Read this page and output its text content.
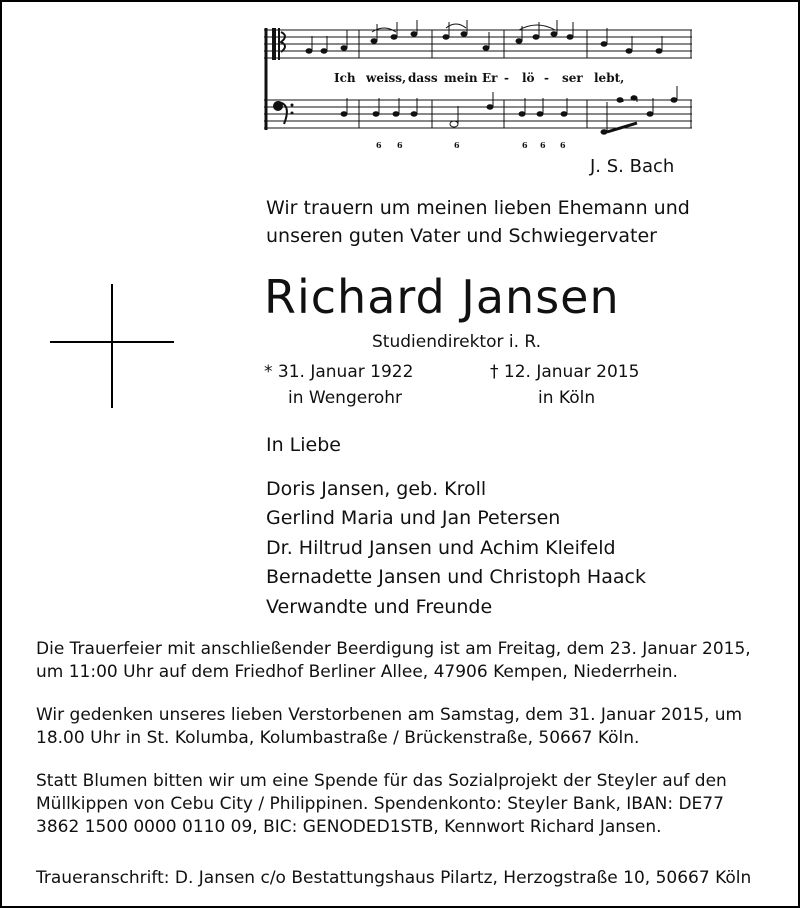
Ich weiss, dass mein Er - lö - ser lebt,
6 6	6	6 6 6
J. S. Bach
Wir trauern um meinen lieben Ehemann und
unseren guten Vater und Schwiegervater
Richard Jansen
Studiendirektor i. R.
* 31. Januar 1922
in Wengerohr
† 12. Januar 2015
in Köln
In Liebe
Doris Jansen, geb. Kroll
Gerlind Maria und Jan Petersen
Dr. Hiltrud Jansen und Achim Kleifeld
Bernadette Jansen und Christoph Haack
Verwandte und Freunde
Die Trauerfeier mit anschließender Beerdigung ist am Freitag, dem 23. Januar 2015,
um 11:00 Uhr auf dem Friedhof Berliner Allee, 47906 Kempen, Niederrhein.
Wir gedenken unseres lieben Verstorbenen am Samstag, dem 31. Januar 2015, um
18.00 Uhr in St. Kolumba, Kolumbastraße / Brückenstraße, 50667 Köln.
Statt Blumen bitten wir um eine Spende für das Sozialprojekt der Steyler auf den
Müllkippen von Cebu City / Philippinen. Spendenkonto: Steyler Bank, IBAN: DE77
3862 1500 0000 0110 09, BIC: GENODED1STB, Kennwort Richard Jansen.
Traueranschrift: D. Jansen c/o Bestattungshaus Pilartz, Herzogstraße 10, 50667 Köln
